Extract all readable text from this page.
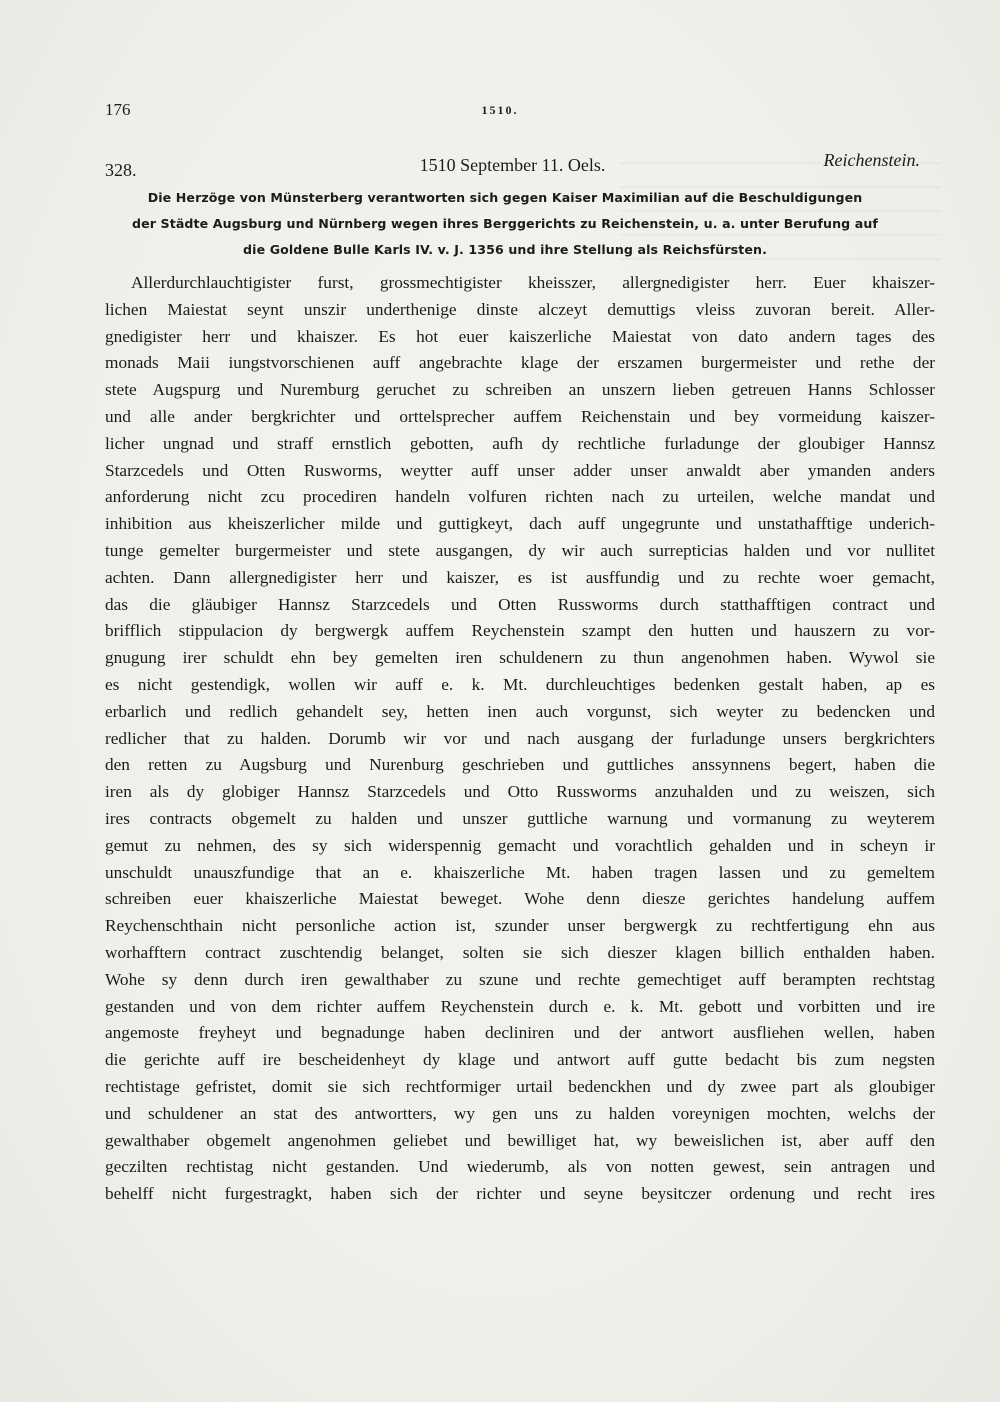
176	1510.
328.	1510 September 11. Oels.	Reichenstein.
Die Herzöge von Münsterberg verantworten sich gegen Kaiser Maximilian auf die Beschuldigungen
der Städte Augsburg und Nürnberg wegen ihres Berggerichts zu Reichenstein, u. a. unter Berufung auf
die Goldene Bulle Karls IV. v. J. 1356 und ihre Stellung als Reichsfürsten.
Allerdurchlauchtigister furst, grossmechtigister kheisszer, allergnedigister herr. Euer khaiszer-
lichen Maiestat seynt unszir underthenige dinste alczeyt demuttigs vleiss zuvoran bereit. Aller-
gnedigister herr und khaiszer. Es hot euer kaiszerliche Maiestat von dato andern tages des
monads Maii iungstvorschienen auff angebrachte klage der erszamen burgermeister und rethe der
stete Augspurg und Nuremburg geruchet zu schreiben an unszern lieben getreuen Hanns Schlosser
und alle ander bergkrichter und orttelsprecher auffem Reichenstain und bey vormeidung kaiszer-
licher ungnad und straff ernstlich gebotten, aufh dy rechtliche furladunge der gloubiger Hannsz
Starzcedels und Otten Rusworms, weytter auff unser adder unser anwaldt aber ymanden anders
anforderung nicht zcu procediren handeln volfuren richten nach zu urteilen, welche mandat und
inhibition aus kheiszerlicher milde und guttigkeyt, dach auff ungegrunte und unstathafftige underich-
tunge gemelter burgermeister und stete ausgangen, dy wir auch surrepticias halden und vor nullitet
achten. Dann allergnedigister herr und kaiszer, es ist ausffundig und zu rechte woer gemacht,
das die gläubiger Hannsz Starzcedels und Otten Russworms durch statthafftigen contract und
brifflich stippulacion dy bergwergk auffem Reychenstein szampt den hutten und hauszern zu vor-
gnugung irer schuldt ehn bey gemelten iren schuldenern zu thun angenohmen haben. Wywol sie
es nicht gestendigk, wollen wir auff e. k. Mt. durchleuchtiges bedenken gestalt haben, ap es
erbarlich und redlich gehandelt sey, hetten inen auch vorgunst, sich weyter zu bedencken und
redlicher that zu halden. Dorumb wir vor und nach ausgang der furladunge unsers bergkrichters
den retten zu Augsburg und Nurenburg geschrieben und guttliches anssynnens begert, haben die
iren als dy globiger Hannsz Starzcedels und Otto Russworms anzuhalden und zu weiszen, sich
ires contracts obgemelt zu halden und unszer guttliche warnung und vormanung zu weyterem
gemut zu nehmen, des sy sich widerspennig gemacht und vorachtlich gehalden und in scheyn ir
unschuldt unauszfundige that an e. khaiszerliche Mt. haben tragen lassen und zu gemeltem
schreiben euer khaiszerliche Maiestat beweget. Wohe denn diesze gerichtes handelung auffem
Reychenschthain nicht personliche action ist, szunder unser bergwergk zu rechtfertigung ehn aus
worhafftern contract zuschtendig belanget, solten sie sich dieszer klagen billich enthalden haben.
Wohe sy denn durch iren gewalthaber zu szune und rechte gemechtiget auff berampten rechtstag
gestanden und von dem richter auffem Reychenstein durch e. k. Mt. gebott und vorbitten und ire
angemoste freyheyt und begnadunge haben decliniren und der antwort ausfliehen wellen, haben
die gerichte auff ire bescheidenheyt dy klage und antwort auff gutte bedacht bis zum negsten
rechtistage gefristet, domit sie sich rechtformiger urtail bedenckhen und dy zwee part als gloubiger
und schuldener an stat des antwortters, wy gen uns zu halden voreynigen mochten, welchs der
gewalthaber obgemelt angenohmen geliebet und bewilliget hat, wy beweislichen ist, aber auff den
geczilten rechtistag nicht gestanden. Und wiederumb, als von notten gewest, sein antragen und
behelff nicht furgestragkt, haben sich der richter und seyne beysitczer ordenung und recht ires
